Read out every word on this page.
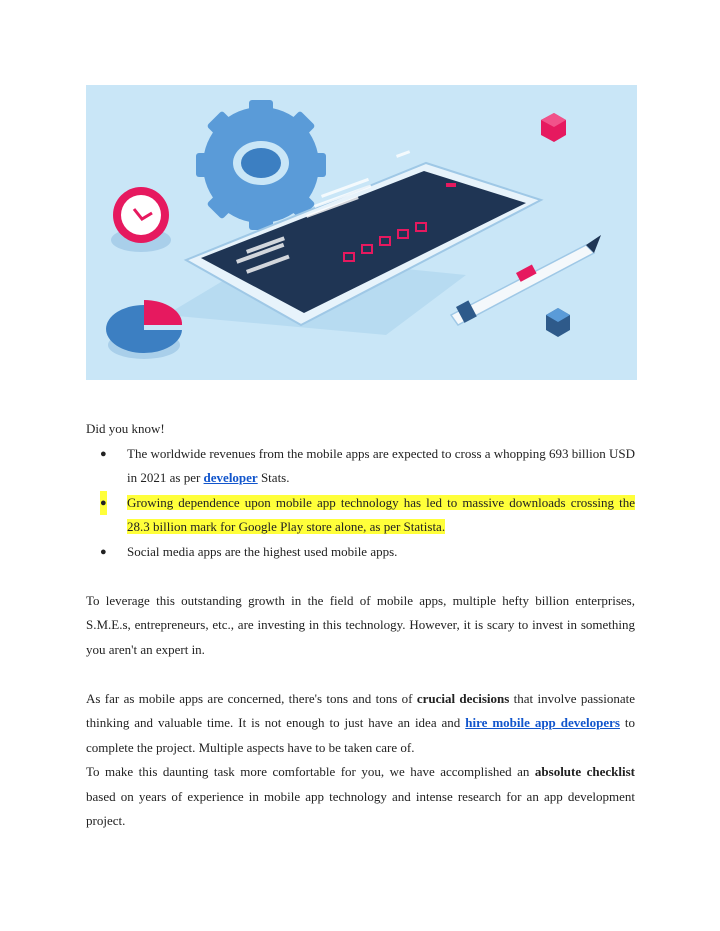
Did you know!

● The worldwide revenues from the mobile apps are expected to cross a whopping 693 billion USD in 2021 as per developer Stats.
● Growing dependence upon mobile app technology has led to massive downloads crossing the 28.3 billion mark for Google Play store alone, as per Statista.
● Social media apps are the highest used mobile apps.

To leverage this outstanding growth in the field of mobile apps, multiple hefty billion enterprises, S.M.E.s, entrepreneurs, etc., are investing in this technology. However, it is scary to invest in something you aren't an expert in.

As far as mobile apps are concerned, there's tons and tons of crucial decisions that involve passionate thinking and valuable time. It is not enough to just have an idea and hire mobile app developers to complete the project. Multiple aspects have to be taken care of.

To make this daunting task more comfortable for you, we have accomplished an absolute checklist based on years of experience in mobile app technology and intense research for an app development project.
